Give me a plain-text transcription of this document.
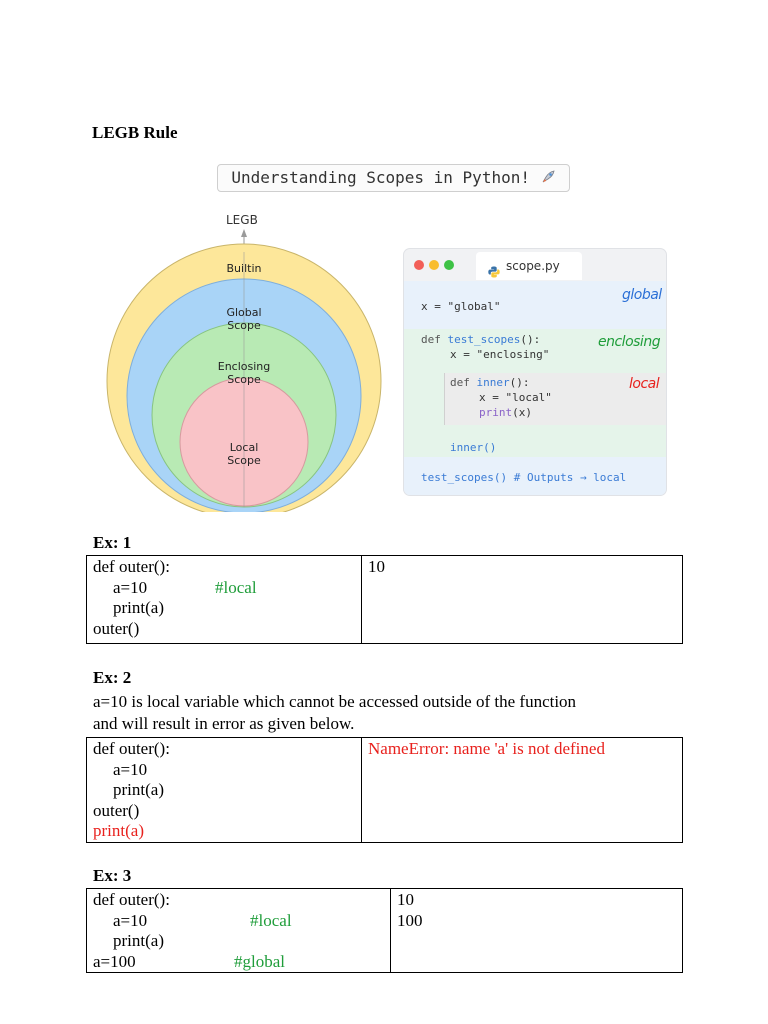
LEGB Rule
Understanding Scopes in Python!
LEGB
Builtin
Global
Scope
Enclosing
Scope
Local
Scope
scope.py
x = "global"
global
def test_scopes():
x = "enclosing"
enclosing
def inner():
x = "local"
print(x)
local
inner()
test_scopes() # Outputs → local
Ex: 1
def outer():
a=10	#local
print(a)
outer()

10
Ex: 2
a=10 is local variable which cannot be accessed outside of the function
and will result in error as given below.
def outer():
a=10
print(a)
outer()
print(a)

NameError: name 'a' is not defined
Ex: 3
def outer():
a=10	#local
print(a)
a=100	#global

10
100
